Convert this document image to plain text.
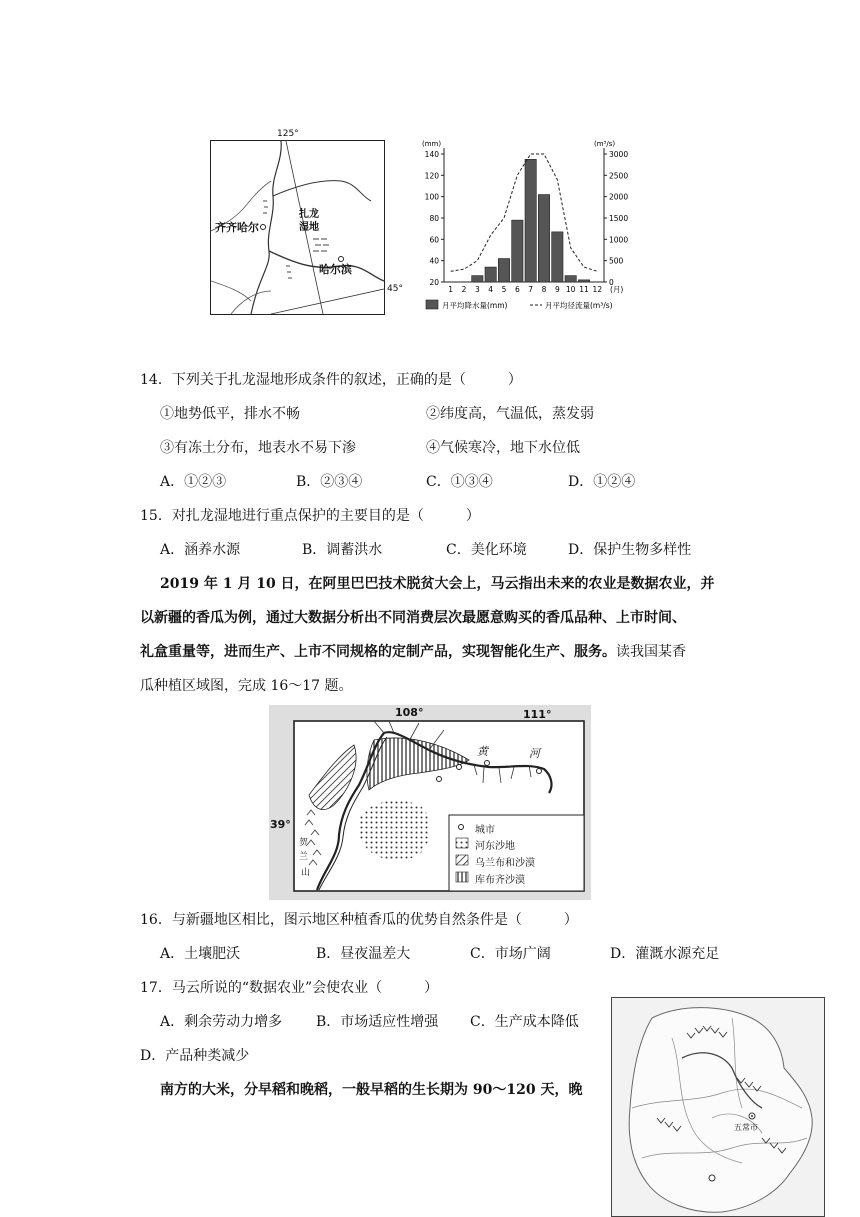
125°
45°
扎龙
湿地
齐齐哈尔
哈尔滨
(mm)	(m³/s)
140
120
100
80
60
40
20
3000
2500
2000
1500
1000
500
0
1 2 3 4 5 6 7 8 9 10 11 12 (月)
月平均降水量(mm)	月平均径流量(m³/s)
14．下列关于扎龙湿地形成条件的叙述，正确的是（　　　）
①地势低平，排水不畅	②纬度高，气温低，蒸发弱
③有冻土分布，地表水不易下渗	④气候寒冷，地下水位低
A．①②③	B．②③④	C．①③④	D．①②④
15．对扎龙湿地进行重点保护的主要目的是（　　　）
A．涵养水源	B．调蓄洪水	C．美化环境	D．保护生物多样性
2019 年 1 月 10 日，在阿里巴巴技术脱贫大会上，马云指出未来的农业是数据农业，并
以新疆的香瓜为例，通过大数据分析出不同消费层次最愿意购买的香瓜品种、上市时间、
礼盒重量等，进而生产、上市不同规格的定制产品，实现智能化生产、服务。读我国某香
瓜种植区域图，完成 16～17 题。
108°	111°
39°
黄	河
贺
兰
山
城市
河东沙地
乌兰布和沙漠
库布齐沙漠
16．与新疆地区相比，图示地区种植香瓜的优势自然条件是（　　　）
A．土壤肥沃	B．昼夜温差大	C．市场广阔	D．灌溉水源充足
17．马云所说的“数据农业”会使农业（　　　）
A．剩余劳动力增多 B．市场适应性增强 C．生产成本降低
D．产品种类减少
南方的大米，分早稻和晚稻，一般早稻的生长期为 90～120 天，晚
五常市
